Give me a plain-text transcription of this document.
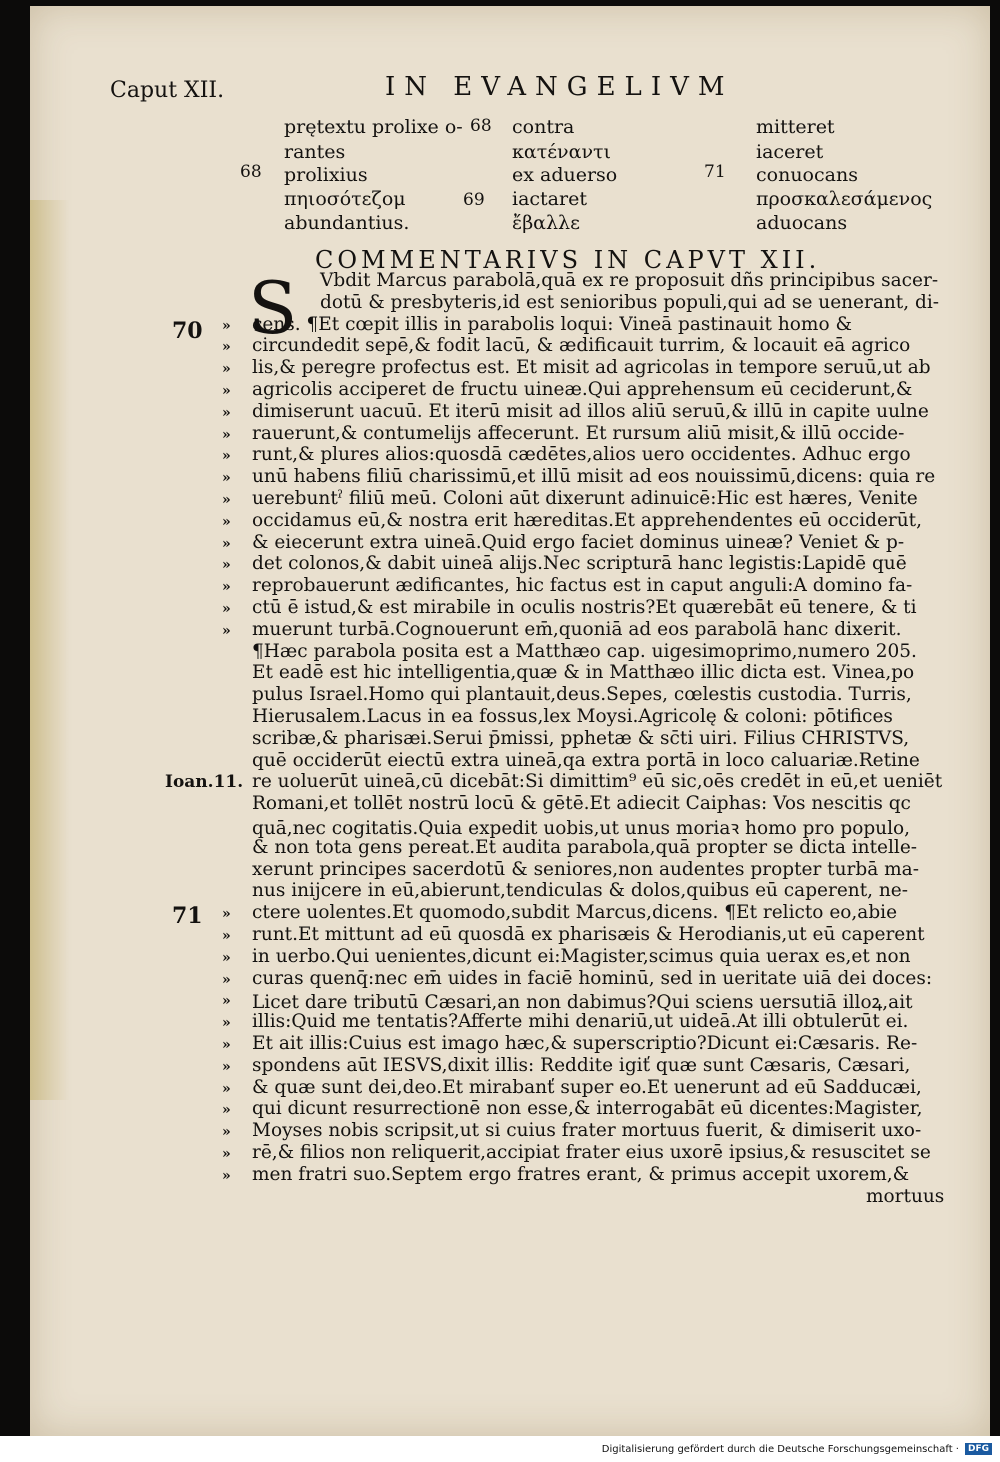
Caput XII.	IN EVANGELIVM
prętextu prolixe o-
rantes
prolixius
πηιοσότεζομ
abundantius.
contra
κατέναντι
ex aduerso
iactaret
ἔβαλλε
mitteret
iaceret
conuocans
προσκαλεσάμενος
aduocans
68
68
69
71
COMMENTARIVS IN CAPVT XII.
S
70
Ioan.11.
71
Vbdit Marcus parabolā,quā ex re proposuit dñs principibus sacer-
dotū & presbyteris,id est senioribus populi,qui ad se uenerant, di-
cens. ¶Et cœpit illis in parabolis loqui: Vineā pastinauit homo &
»
circundedit sepē,& fodit lacū, & ædificauit turrim, & locauit eā agrico
»
lis,& peregre profectus est. Et misit ad agricolas in tempore seruū,ut ab
»
agricolis acciperet de fructu uineæ.Qui apprehensum eū ceciderunt,&
»
dimiserunt uacuū. Et iterū misit ad illos aliū seruū,& illū in capite uulne
»
rauerunt,& contumelijs affecerunt. Et rursum aliū misit,& illū occide-
»
runt,& plures alios:quosdā cædētes,alios uero occidentes. Adhuc ergo
»
unū habens filiū charissimū,et illū misit ad eos nouissimū,dicens: quia re
»
uerebuntˀ filiū meū. Coloni aūt dixerunt adinuicē:Hic est hæres, Venite
»
occidamus eū,& nostra erit hæreditas.Et apprehendentes eū occiderūt,
»
& eiecerunt extra uineā.Quid ergo faciet dominus uineæ? Veniet & p-
»
det colonos,& dabit uineā alijs.Nec scripturā hanc legistis:Lapidē quē
»
reprobauerunt ædificantes, hic factus est in caput anguli:A domino fa-
»
ctū ē istud,& est mirabile in oculis nostris?Et quærebāt eū tenere, & ti
»
muerunt turbā.Cognouerunt em̄,quoniā ad eos parabolā hanc dixerit.
»
¶Hæc parabola posita est a Matthæo cap. uigesimoprimo,numero 205.
Et eadē est hic intelligentia,quæ & in Matthæo illic dicta est. Vinea,po
pulus Israel.Homo qui plantauit,deus.Sepes, cœlestis custodia. Turris,
Hierusalem.Lacus in ea fossus,lex Moysi.Agricolę & coloni: pōtifices
scribæ,& pharisæi.Serui p̄missi, pphetæ & sc̄ti uiri. Filius CHRISTVS,
quē occiderūt eiectū extra uineā,qa extra portā in loco caluariæ.Retine
re uoluerūt uineā,cū dicebāt:Si dimittim⁹ eū sic,oēs credēt in eū,et ueniēt
Romani,et tollēt nostrū locū & gētē.Et adiecit Caiphas: Vos nescitis qc
quā,nec cogitatis.Quia expedit uobis,ut unus moriaꝛ homo pro populo,
& non tota gens pereat.Et audita parabola,quā propter se dicta intelle-
xerunt principes sacerdotū & seniores,non audentes propter turbā ma-
nus inijcere in eū,abierunt,tendiculas & dolos,quibus eū caperent, ne-
ctere uolentes.Et quomodo,subdit Marcus,dicens. ¶Et relicto eo,abie
»
runt.Et mittunt ad eū quosdā ex pharisæis & Herodianis,ut eū caperent
»
in uerbo.Qui uenientes,dicunt ei:Magister,scimus quia uerax es,et non
»
curas quenq̄:nec em̄ uides in faciē hominū, sed in ueritate uiā dei doces:
»
Licet dare tributū Cæsari,an non dabimus?Qui sciens uersutiā illoꝝ,ait
»
illis:Quid me tentatis?Afferte mihi denariū,ut uideā.At illi obtulerūt ei.
»
Et ait illis:Cuius est imago hæc,& superscriptio?Dicunt ei:Cæsaris. Re-
»
spondens aūt IESVS,dixit illis: Reddite igiť quæ sunt Cæsaris, Cæsari,
»
& quæ sunt dei,deo.Et mirabanť super eo.Et uenerunt ad eū Sadducæi,
»
qui dicunt resurrectionē non esse,& interrogabāt eū dicentes:Magister,
»
Moyses nobis scripsit,ut si cuius frater mortuus fuerit, & dimiserit uxo-
»
rē,& filios non reliquerit,accipiat frater eius uxorē ipsius,& resuscitet se
»
men fratri suo.Septem ergo fratres erant, & primus accepit uxorem,&
»
mortuus
Digitalisierung gefördert durch die Deutsche Forschungsgemeinschaft ·	DFG
